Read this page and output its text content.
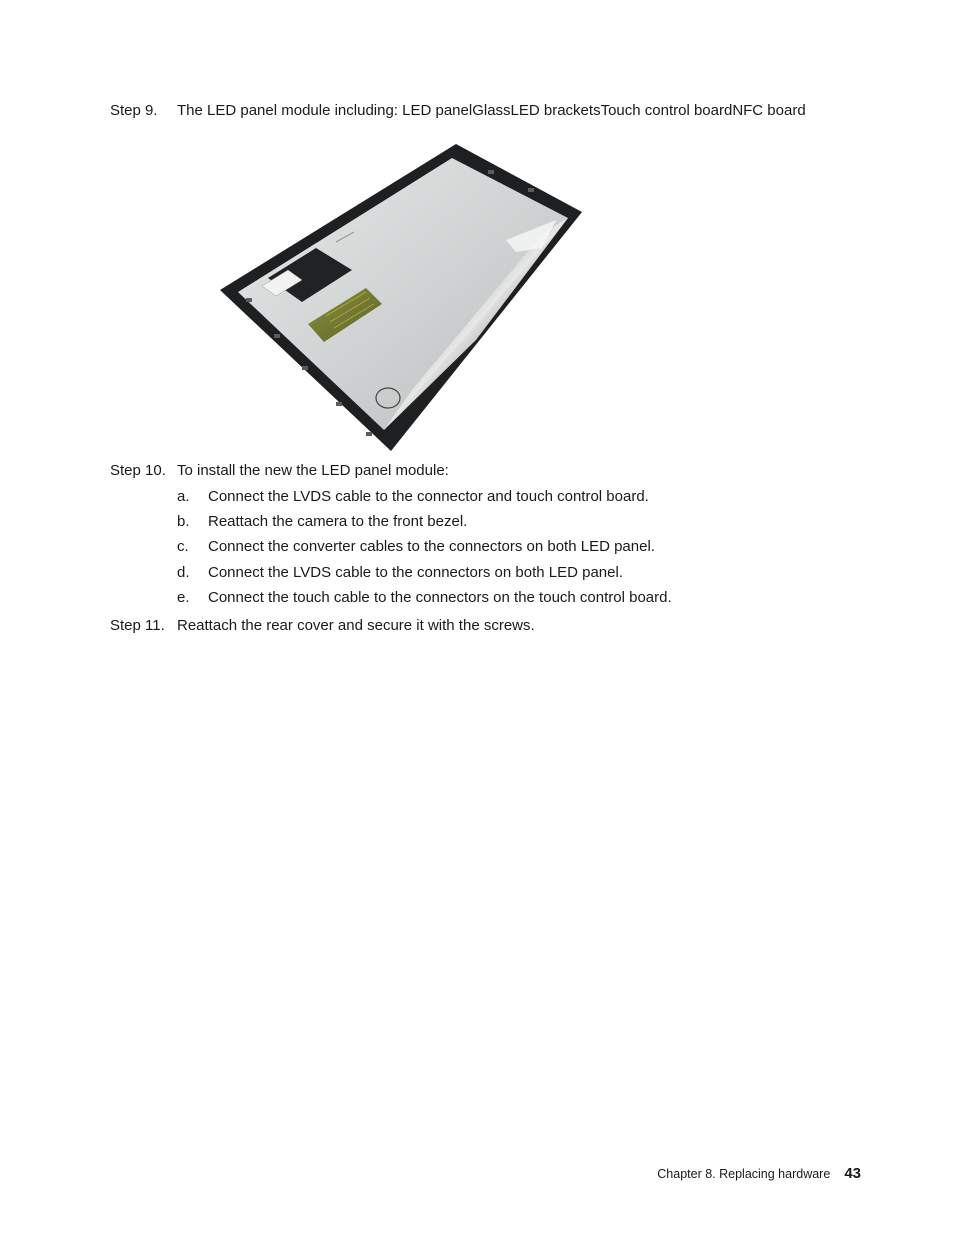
Step 9. The LED panel module including: LED panelGlassLED bracketsTouch control boardNFC board
Step 10. To install the new the LED panel module:
a. Connect the LVDS cable to the connector and touch control board.
b. Reattach the camera to the front bezel.
c. Connect the converter cables to the connectors on both LED panel.
d. Connect the LVDS cable to the connectors on both LED panel.
e. Connect the touch cable to the connectors on the touch control board.
Step 11. Reattach the rear cover and secure it with the screws.
Chapter 8. Replacing hardware 43
